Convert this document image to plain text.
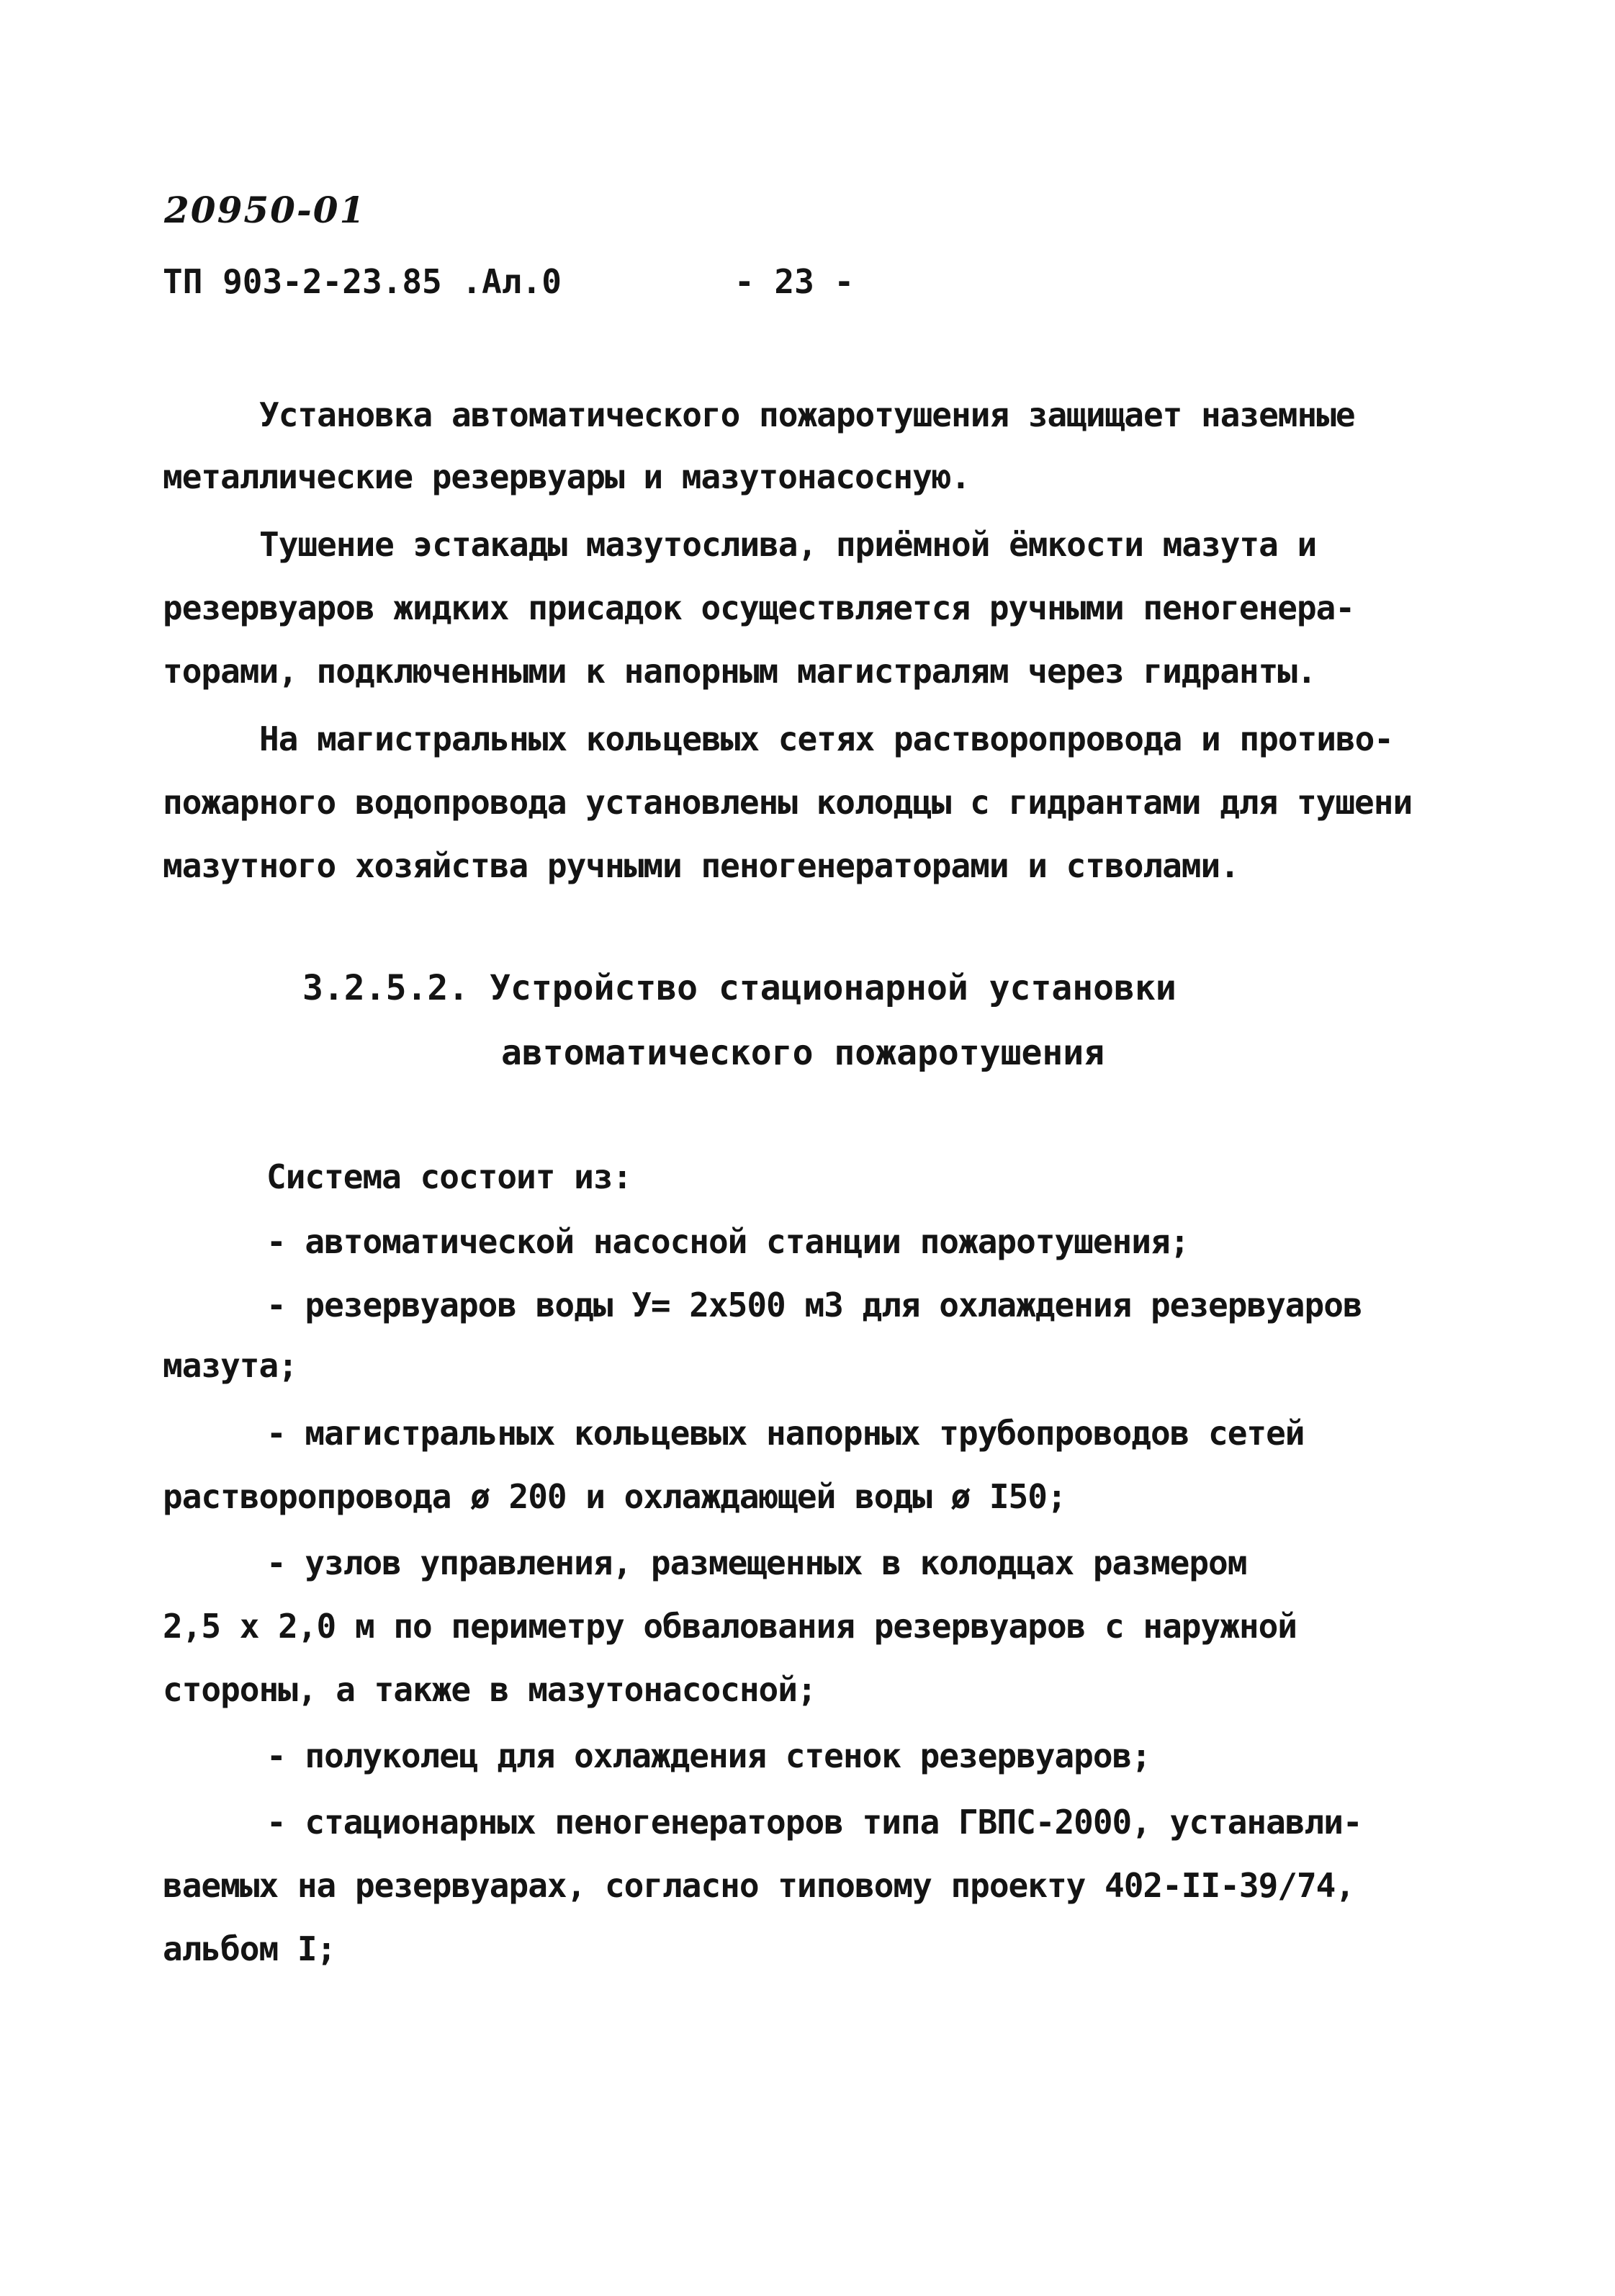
20950-01
ТП 903-2-23.85 .Ал.0	- 23 -
Установка автоматического пожаротушения защищает наземные
металлические резервуары и мазутонасосную.
Тушение эстакады мазутослива, приёмной ёмкости мазута и
резервуаров жидких присадок осуществляется ручными пеногенера-
торами, подключенными к напорным магистралям через гидранты.
На магистральных кольцевых сетях растворопровода и противо-
пожарного водопровода установлены колодцы с гидрантами для тушени
мазутного хозяйства ручными пеногенераторами и стволами.
3.2.5.2. Устройство стационарной установки
автоматического пожаротушения
Система состоит из:
- автоматической насосной станции пожаротушения;
- резервуаров воды У= 2х500 м3 для охлаждения резервуаров
мазута;
- магистральных кольцевых напорных трубопроводов сетей
растворопровода ø 200 и охлаждающей воды ø I50;
- узлов управления, размещенных в колодцах размером
2,5 х 2,0 м по периметру обвалования резервуаров с наружной
стороны, а также в мазутонасосной;
- полуколец для охлаждения стенок резервуаров;
- стационарных пеногенераторов типа ГВПС-2000, устанавли-
ваемых на резервуарах, согласно типовому проекту 402-II-39/74,
альбом I;
